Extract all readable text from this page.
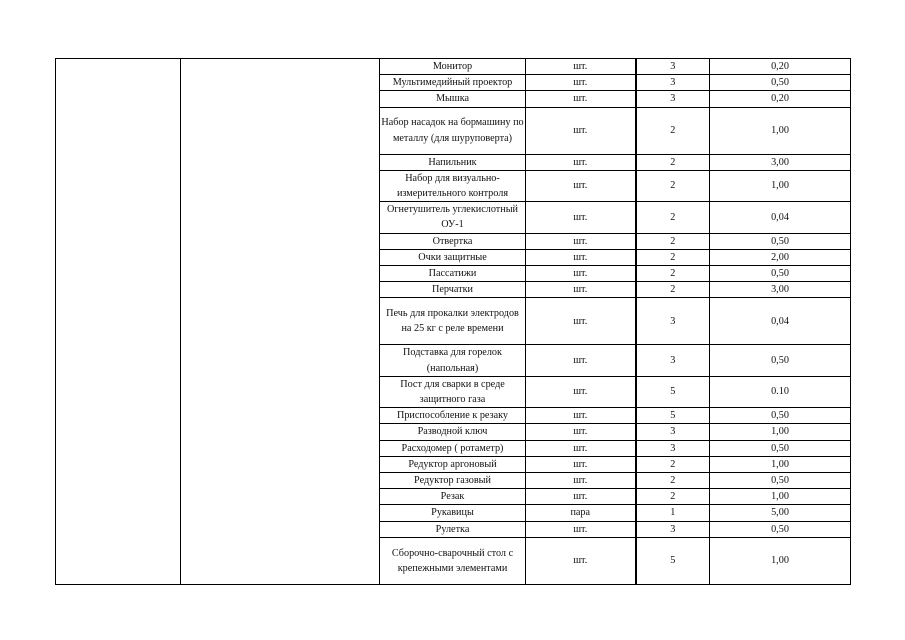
		Монитор	шт.	3	0,20
		Мультимедийный проектор	шт.	3	0,50
		Мышка	шт.	3	0,20
		Набор насадок на бормашину по металлу (для шуруповерта)	шт.	2	1,00
		Напильник	шт.	2	3,00
		Набор для визуально-измерительного контроля	шт.	2	1,00
		Огнетушитель углекислотный ОУ-1	шт.	2	0,04
		Отвертка	шт.	2	0,50
		Очки защитные	шт.	2	2,00
		Пассатижи	шт.	2	0,50
		Перчатки	шт.	2	3,00
		Печь для прокалки электродов на 25 кг с реле времени	шт.	3	0,04
		Подставка для горелок (напольная)	шт.	3	0,50
		Пост для сварки в среде защитного газа	шт.	5	0.10
		Приспособление к резаку	шт.	5	0,50
		Разводной ключ	шт.	3	1,00
		Расходомер ( ротаметр)	шт.	3	0,50
		Редуктор аргоновый	шт.	2	1,00
		Редуктор газовый	шт.	2	0,50
		Резак	шт.	2	1,00
		Рукавицы	пара	1	5,00
		Рулетка	шт.	3	0,50
		Сборочно-сварочный стол с крепежными элементами	шт.	5	1,00
